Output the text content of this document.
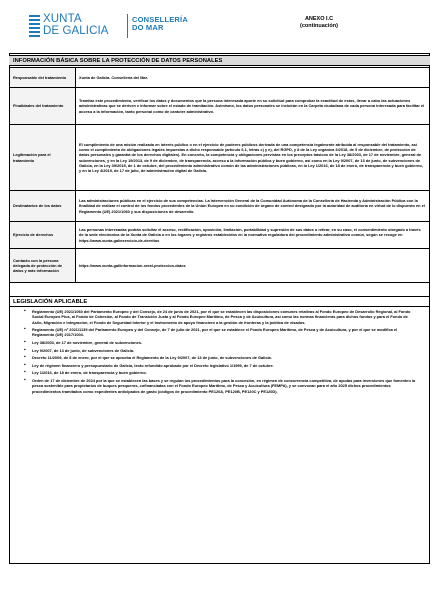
XUNTA
DE GALICIA
CONSELLERÍA
DO MAR
ANEXO I.C
(continuación)
INFORMACIÓN BÁSICA SOBRE LA PROTECCIÓN DE DATOS PERSONALES
Responsable del tratamiento	Xunta de Galicia. Consellería del Mar.
Finalidades del tratamiento	Tramitar este procedimiento, verificar los datos y documentos que la persona interesada aporte en su solicitud para comprobar la exactitud de estos, llevar a cabo las actuaciones administrativas que se deriven e informar sobre el estado de tramitación. Asimismo, los datos personales se incluirán en la Carpeta ciudadana de cada persona interesada para facilitar el acceso a la información, tanto personal como de carácter administrativo.
Legitimación para el tratamiento	El cumplimiento de una misión realizada en interés público o en el ejercicio de poderes públicos derivada de una competencia legalmente atribuida al responsable del tratamiento, así como el cumplimiento de obligaciones legales impuestas a dicho responsable (artículo 6.1, letras c) y e), del RGPD, y 8 de la Ley orgánica 3/2018, de 5 de diciembre, de protección de datos personales y garantía de los derechos digitales). En concreto, la competencia y obligaciones previstas en los preceptos básicos de la Ley 38/2003, de 17 de noviembre, general de subvenciones, y en la Ley 19/2013, de 9 de diciembre, de transparencia, acceso a la información pública y buen gobierno, así como en la Ley 9/2007, de 13 de junio, de subvenciones de Galicia, en la Ley 39/2015, de 1 de octubre, del procedimiento administrativo común de las administraciones públicas, en la Ley 1/2016, de 18 de enero, de transparencia y buen gobierno, y en la Ley 4/2019, de 17 de julio, de administración digital de Galicia.
Destinatarios de los datos	Las administraciones públicas en el ejercicio de sus competencias. La Intervención General de la Comunidad Autónoma de la Consellería de Hacienda y Administración Pública con la finalidad de realizar el control de los fondos procedentes de la Unión Europea en su condición de órgano de control designado por la autoridad de auditoría en virtud de lo dispuesto en el Reglamento (UE) 2021/1060 y sus disposiciones de desarrollo.
Ejercicio de derechos	Las personas interesadas podrán solicitar el acceso, rectificación, oposición, limitación, portabilidad y supresión de sus datos o retirar, en su caso, el consentimiento otorgado a través de la sede electrónica de la Xunta de Galicia o en los lugares y registros establecidos en la normativa reguladora del procedimiento administrativo común, según se recoge en https://www.xunta.gal/exercicio-de-dereitos
Contacto con la persona delegada de protección de datos y más información	https://www.xunta.gal/informacion-xeral-proteccion-datos
LEGISLACIÓN APLICABLE
▪ Reglamento (UE) 2021/1060 del Parlamento Europeo y del Consejo, de 24 de junio de 2021, por el que se establecen las disposiciones comunes relativas al Fondo Europeo de Desarrollo Regional, al Fondo Social Europeo Plus, al Fondo de Cohesión, al Fondo de Transición Justa y al Fondo Europeo Marítimo, de Pesca y de Acuicultura, así como las normas financieras para dichos fondos y para el Fondo de Asilo, Migración e Integración, el Fondo de Seguridad Interior y el Instrumento de apoyo financiero a la gestión de fronteras y la política de visados.
▪ Reglamento (UE) nº 2021/1139 del Parlamento Europeo y del Consejo, de 7 de julio de 2021, por el que se establece el Fondo Europeo Marítimo, de Pesca y de Acuicultura, y por el que se modifica el Reglamento (UE) 2017/1004.
▪ Ley 38/2003, de 17 de noviembre, general de subvenciones.
▪ Ley 9/2007, de 13 de junio, de subvenciones de Galicia.
▪ Decreto 11/2009, de 8 de enero, por el que se aprueba el Reglamento de la Ley 9/2007, de 13 de junio, de subvenciones de Galicia.
▪ Ley de régimen financiero y presupuestario de Galicia, texto refundido aprobado por el Decreto legislativo 1/1999, de 7 de octubre.
▪ Ley 1/2016, de 18 de enero, de transparencia y buen gobierno.
▪ Orden de 17 de diciembre de 2024 por la que se establecen las bases y se regulan los procedimientos para la concesión, en régimen de concurrencia competitiva, de ayudas para inversiones que fomenten la pesca sostenible para propietarios de buques pesqueros, cofinanciadas con el Fondo Europeo Marítimo, de Pesca y Acuicultura (FEMPA), y se convocan para el año 2025 dichos procedimientos procedimientos tramitados como expedientes anticipados de gasto (códigos de procedimiento PE120A, PE120B, PE120C y PE120D).
